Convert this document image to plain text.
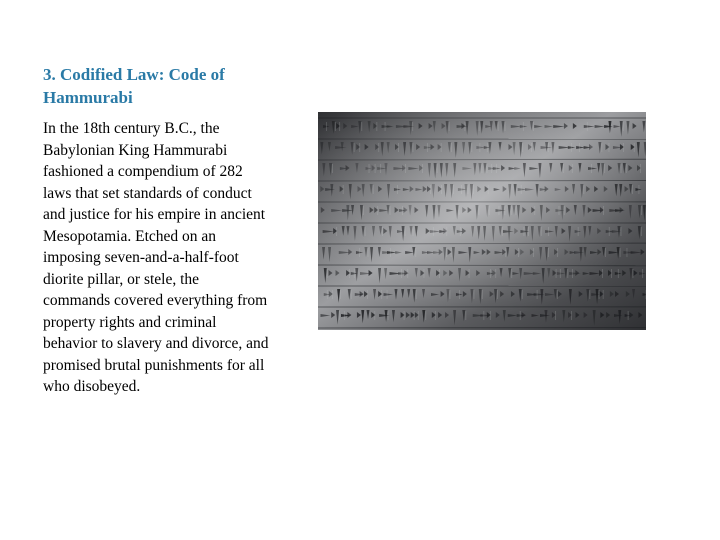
3. Codified Law: Code of Hammurabi

In the 18th century B.C., the Babylonian King Hammurabi fashioned a compendium of 282 laws that set standards of conduct and justice for his empire in ancient Mesopotamia. Etched on an imposing seven-and-a-half-foot diorite pillar, or stele, the commands covered everything from property rights and criminal behavior to slavery and divorce, and promised brutal punishments for all who disobeyed.
